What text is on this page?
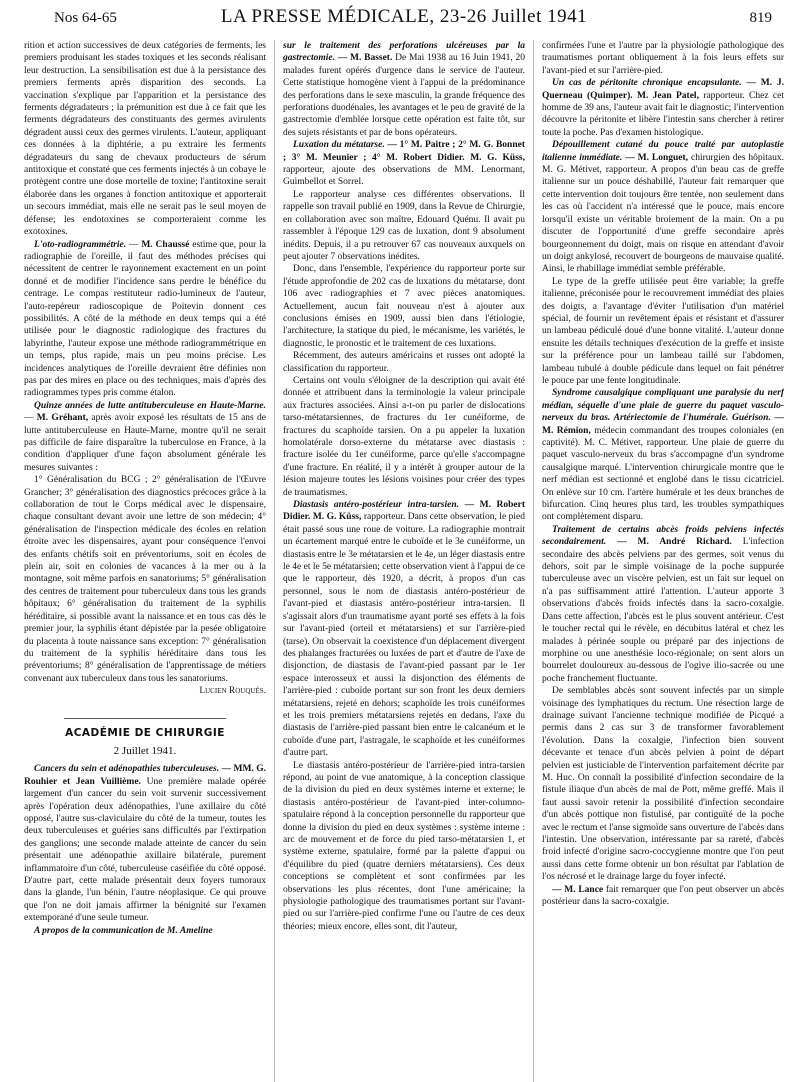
Nos 64-65	LA PRESSE MÉDICALE, 23-26 Juillet 1941	819

rition et action successives de deux catégories de ferments, les premiers produisant les stades toxiques et les seconds réalisant leur destruction. La sensibilisation est due à la persistance des premiers ferments après disparition des seconds. La vaccination s'explique par l'apparition et la persistance des ferments dégradateurs ; la prémunition est due à ce fait que les ferments dégradateurs des constituants des germes avirulents dégradent aussi ceux des germes virulents. L'auteur, appliquant ces données à la diphtérie, a pu extraire les ferments dégradateurs du sang de chevaux producteurs de sérum antitoxique et constaté que ces ferments injectés à un cobaye le protègent contre une dose mortelle de toxine; l'antitoxine serait élaborée dans les organes à fonction antitoxique et apporterait un secours immédiat, mais elle ne serait pas le seul moyen de défense; les endotoxines se comporteraient comme les exotoxines.

L'oto-radiogrammétrie. — M. Chaussé estime que, pour la radiographie de l'oreille, il faut des méthodes précises qui nécessitent de centrer le rayonnement exactement en un point donné et de modifier l'incidence sans perdre le bénéfice du centrage. Le compas restituteur radio-lumineux de l'auteur, l'auto-repéreur radioscopique de Poitevin donnent ces possibilités. A côté de la méthode en deux temps qui a été utilisée pour le diagnostic radiologique des fractures du labyrinthe, l'auteur expose une méthode radiogrammétrique en un temps, plus rapide, mais un peu moins précise. Les incidences analytiques de l'oreille devraient être définies non pas par des mires en place ou des techniques, mais d'après des radiogrammes types pris comme étalon.

Quinze années de lutte antituberculeuse en Haute-Marne. — M. Gréhant, après avoir exposé les résultats de 15 ans de lutte antituberculeuse en Haute-Marne, montre qu'il ne serait pas difficile de faire disparaître la tuberculose en France, à la condition d'appliquer d'une façon absolument générale les mesures suivantes :

1° Généralisation du BCG ; 2° généralisation de l'Œuvre Grancher; 3° généralisation des diagnostics précoces grâce à la collaboration de tout le Corps médical avec le dispensaire, chaque consultant devant avoir une lettre de son médecin; 4° généralisation de l'inspection médicale des écoles en relation étroite avec les dispensaires, ayant pour conséquence l'envoi des enfants chétifs soit en préventoriums, soit en écoles de plein air, soit en colonies de vacances à la mer ou à la montagne, soit même parfois en sanatoriums; 5° généralisation des centres de traitement pour tuberculeux dans tous les grands hôpitaux; 6° généralisation du traitement de la syphilis héréditaire, si possible avant la naissance et en tous cas dès le premier jour, la syphilis étant dépistée par la pesée obligatoire du placenta à toute naissance sans exception: 7° généralisation du traitement de la syphilis héréditaire dans tous les préventoriums; 8° généralisation de l'apprentissage de métiers convenant aux tuberculeux dans tous les sanatoriums.

Lucien Rouquès.

ACADÉMIE DE CHIRURGIE
2 Juillet 1941.

Cancers du sein et adénopathies tuberculeuses. — MM. G. Rouhier et Jean Vuillième. Une première malade opérée largement d'un cancer du sein voit survenir successivement après l'opération deux adénopathies, l'une axillaire du côté opposé, l'autre sus-claviculaire du côté de la tumeur, toutes les deux tuberculeuses et guéries sans difficultés par l'extirpation des ganglions; une seconde malade atteinte de cancer du sein présentait une adénopathie axillaire bilatérale, purement inflammatoire d'un côté, tuberculeuse caséifiée du côté opposé. D'autre part, cette malade présentait deux foyers tumoraux dans la glande, l'un bénin, l'autre néoplasique. Ce qui prouve que l'on ne doit jamais affirmer la bénignité sur l'examen extemporané d'une seule tumeur.

A propos de la communication de M. Ameline

sur le traitement des perforations ulcéreuses par la gastrectomie. — M. Basset. De Mai 1938 au 16 Juin 1941, 20 malades furent opérés d'urgence dans le service de l'auteur. Cette statistique homogène vient à l'appui de la prédominance des perforations dans le sexe masculin, la grande fréquence des perforations duodénales, les avantages et le peu de gravité de la gastrectomie d'emblée lorsque cette opération est faite tôt, sur des sujets résistants et par de bons opérateurs.

Luxation du métatarse. — 1° M. Paitre ; 2° M. G. Bonnet ; 3° M. Meunier ; 4° M. Robert Didier. M. G. Küss, rapporteur, ajoute des observations de MM. Lenormant, Guimbellot et Sorrel.

Le rapporteur analyse ces différentes observations. Il rappelle son travail publié en 1909, dans la Revue de Chirurgie, en collaboration avec son maître, Edouard Quénu. Il avait pu rassembler à l'époque 129 cas de luxation, dont 9 absolument inédits. Depuis, il a pu retrouver 67 cas nouveaux auxquels on peut ajouter 7 observations inédites.

Donc, dans l'ensemble, l'expérience du rapporteur porte sur l'étude approfondie de 202 cas de luxations du métatarse, dont 106 avec radiographies et 7 avec pièces anatomiques. Actuellement, aucun fait nouveau n'est à ajouter aux conclusions émises en 1909, aussi bien dans l'étiologie, l'architecture, la statique du pied, le mécanisme, les variétés, le diagnostic, le pronostic et le traitement de ces luxations.

Récemment, des auteurs américains et russes ont adopté la classification du rapporteur.

Certains ont voulu s'éloigner de la description qui avait été donnée et attribuent dans la terminologie la valeur principale aux fractures associées. Ainsi a-t-on pu parler de dislocations tarso-métatarsiennes, de fractures du 1er cunéiforme, de fractures du scaphoïde tarsien. On a pu appeler la luxation homolatérale dorso-externe du métatarse avec diastasis : fracture isolée du 1er cunéiforme, parce qu'elle s'accompagne d'une fracture. En réalité, il y a intérêt à grouper autour de la lésion majeure toutes les lésions voisines pour créer des types de traumatismes.

Diastasis antéro-postérieur intra-tarsien. — M. Robert Didier. M. G. Küss, rapporteur. Dans cette observation, le pied était passé sous une roue de voiture. La radiographie montrait un écartement marqué entre le cuboïde et le 3e cunéiforme, un diastasis entre le 3e métatarsien et le 4e, un léger diastasis entre le 4e et le 5e métatarsien; cette observation vient à l'appui de ce que le rapporteur, dès 1920, a décrit, à propos d'un cas personnel, sous le nom de diastasis antéro-postérieur de l'avant-pied et diastasis antéro-postérieur intra-tarsien. Il s'agissait alors d'un traumatisme ayant porté ses effets à la fois sur l'avant-pied (orteil et métatarsiens) et sur l'arrière-pied (tarse). On observait la coexistence d'un déplacement divergent des phalanges fracturées ou luxées de part et d'autre de l'axe de disjonction, de diastasis de l'avant-pied passant par le 1er espace interosseux et aussi la disjonction des éléments de l'arrière-pied : cuboïde portant sur son front les deux derniers métatarsiens, rejeté en dehors; scaphoïde les trois cunéiformes et les trois premiers métatarsiens rejetés en dedans, l'axe du diastasis de l'arrière-pied passant bien entre le calcanéum et le cuboïde d'une part, l'astragale, le scaphoïde et les cunéiformes d'autre part.

Le diastasis antéro-postérieur de l'arrière-pied intra-tarsien répond, au point de vue anatomique, à la conception classique de la division du pied en deux systèmes interne et externe; le diastasis antéro-postérieur de l'avant-pied inter-columno-spatulaire répond à la conception personnelle du rapporteur que donne la division du pied en deux systèmes : système interne : arc de mouvement et de force du pied tarso-métatarsien 1, et système externe, spatulaire, formé par la palette d'appui ou d'équilibre du pied (quatre derniers métatarsiens). Ces deux conceptions se complètent et sont confirmées par les observations les plus récentes, dont l'une américaine; la physiologie pathologique des traumatismes portant sur l'avant-pied ou sur l'arrière-pied confirme l'une ou l'autre de ces deux théories; mieux encore, elles sont, dit l'auteur,

confirmées l'une et l'autre par la physiologie pathologique des traumatismes portant obliquement à la fois leurs effets sur l'avant-pied et sur l'arrière-pied.

Un cas de péritonite chronique encapsulante. — M. J. Querneau (Quimper). M. Jean Patel, rapporteur. Chez cet homme de 39 ans, l'auteur avait fait le diagnostic; l'intervention découvre la péritonite et libère l'intestin sans chercher à retirer toute la poche. Pas d'examen histologique.

Dépouillement cutané du pouce traité par autoplastie italienne immédiate. — M. Longuet, chirurgien des hôpitaux. M. G. Métivet, rapporteur. A propos d'un beau cas de greffe italienne sur un pouce déshabillé, l'auteur fait remarquer que cette intervention doit toujours être tentée, non seulement dans les cas où l'accident n'a intéressé que le pouce, mais encore lorsqu'il existe un véritable broiement de la main. On a pu discuter de l'opportunité d'une greffe secondaire après bourgeonnement du doigt, mais on risque en attendant d'avoir un doigt ankylosé, recouvert de bourgeons de mauvaise qualité. Ainsi, le rhabillage immédiat semble préférable.

Le type de la greffe utilisée peut être variable; la greffe italienne, préconisée pour le recouvrement immédiat des plaies des doigts, a l'avantage d'éviter l'utilisation d'un matériel spécial, de fournir un revêtement épais et résistant et d'assurer un lambeau pédiculé doué d'une bonne vitalité. L'auteur donne ensuite les détails techniques d'exécution de la greffe et insiste sur la préférence pour un lambeau taillé sur l'abdomen, lambeau tubulé à double pédicule dans lequel on fait pénétrer le pouce par une fente longitudinale.

Syndrome causalgique compliquant une paralysie du nerf médian, séquelle d'une plaie de guerre du paquet vasculo-nerveux du bras. Artériectomie de l'humérale. Guérison. — M. Rémion, médecin commandant des troupes coloniales (en captivité). M. C. Métivet, rapporteur. Une plaie de guerre du paquet vasculo-nerveux du bras s'accompagne d'un syndrome causalgique marqué. L'intervention chirurgicale montre que le nerf médian est sectionné et englobé dans le tissu cicatriciel. On enlève sur 10 cm. l'artère humérale et les deux branches de bifurcation. Cinq heures plus tard, les troubles sympathiques ont complètement disparu.

Traitement de certains abcès froids pelviens infectés secondairement. — M. André Richard. L'infection secondaire des abcès pelviens par des germes, soit venus du dehors, soit par le simple voisinage de la poche suppurée tuberculeuse avec un viscère pelvien, est un fait sur lequel on n'a pas suffisamment attiré l'attention. L'auteur apporte 3 observations d'abcès froids infectés dans la sacro-coxalgie. Dans cette affection, l'abcès est le plus souvent antérieur. C'est le toucher rectal qui le révèle, en décubitus latéral et chez les malades à périnée souple ou préparé par des injections de morphine ou une anesthésie loco-régionale; on sent alors un bourrelet douloureux au-dessous de l'ogive ilio-sacrée ou une poche franchement fluctuante.

De semblables abcès sont souvent infectés par un simple voisinage des lymphatiques du rectum. Une résection large de drainage suivant l'ancienne technique modifiée de Picqué a permis dans 2 cas sur 3 de transformer favorablement l'évolution. Dans la coxalgie, l'infection bien souvent décevante et tenace d'un abcès pelvien à point de départ pelvien est justiciable de l'intervention parfaitement décrite par M. Huc. On connaît la possibilité d'infection secondaire de la fistule iliaque d'un abcès de mal de Pott, même greffé. Mais il faut aussi savoir retenir la possibilité d'infection secondaire d'un abcès pottique non fistulisé, par contiguïté de la poche avec le rectum et l'anse sigmoïde sans ouverture de l'abcès dans l'intestin. Une observation, intéressante par sa rareté, d'abcès froid infecté d'origine sacro-coccygienne montre que l'on peut aussi dans cette forme obtenir un bon résultat par l'ablation de l'os nécrosé et le drainage large du foyer infecté.

— M. Lance fait remarquer que l'on peut observer un abcès postérieur dans la sacro-coxalgie.
